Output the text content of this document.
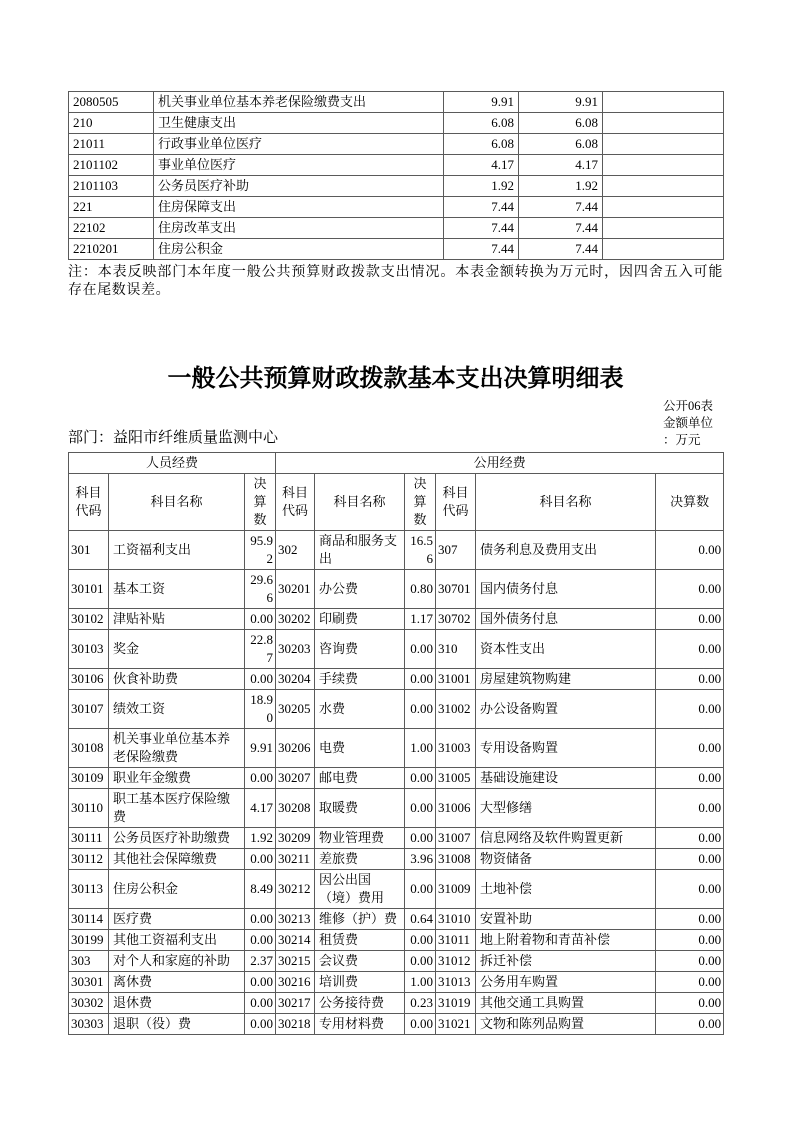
2080505	机关事业单位基本养老保险缴费支出	9.91	9.91	
210	卫生健康支出	6.08	6.08	
21011	行政事业单位医疗	6.08	6.08	
2101102	事业单位医疗	4.17	4.17	
2101103	公务员医疗补助	1.92	1.92	
221	住房保障支出	7.44	7.44	
22102	住房改革支出	7.44	7.44	
2210201	住房公积金	7.44	7.44	

注：本表反映部门本年度一般公共预算财政拨款支出情况。本表金额转换为万元时，因四舍五入可能存在尾数误差。

一般公共预算财政拨款基本支出决算明细表
部门：益阳市纤维质量监测中心
公开06表
金额单位
：万元
人员经费			公用经费					
科目代码	科目名称	决算数	科目代码	科目名称	决算数	科目代码	科目名称	决算数
301	工资福利支出	95.92	302	商品和服务支出	16.56	307	债务利息及费用支出	0.00
30101	基本工资	29.66	30201	办公费	0.80	30701	国内债务付息	0.00
30102	津贴补贴	0.00	30202	印刷费	1.17	30702	国外债务付息	0.00
30103	奖金	22.87	30203	咨询费	0.00	310	资本性支出	0.00
30106	伙食补助费	0.00	30204	手续费	0.00	31001	房屋建筑物购建	0.00
30107	绩效工资	18.90	30205	水费	0.00	31002	办公设备购置	0.00
30108	机关事业单位基本养老保险缴费	9.91	30206	电费	1.00	31003	专用设备购置	0.00
30109	职业年金缴费	0.00	30207	邮电费	0.00	31005	基础设施建设	0.00
30110	职工基本医疗保险缴费	4.17	30208	取暖费	0.00	31006	大型修缮	0.00
30111	公务员医疗补助缴费	1.92	30209	物业管理费	0.00	31007	信息网络及软件购置更新	0.00
30112	其他社会保障缴费	0.00	30211	差旅费	3.96	31008	物资储备	0.00
30113	住房公积金	8.49	30212	因公出国（境）费用	0.00	31009	土地补偿	0.00
30114	医疗费	0.00	30213	维修（护）费	0.64	31010	安置补助	0.00
30199	其他工资福利支出	0.00	30214	租赁费	0.00	31011	地上附着物和青苗补偿	0.00
303	对个人和家庭的补助	2.37	30215	会议费	0.00	31012	拆迁补偿	0.00
30301	离休费	0.00	30216	培训费	1.00	31013	公务用车购置	0.00
30302	退休费	0.00	30217	公务接待费	0.23	31019	其他交通工具购置	0.00
30303	退职（役）费	0.00	30218	专用材料费	0.00	31021	文物和陈列品购置	0.00
